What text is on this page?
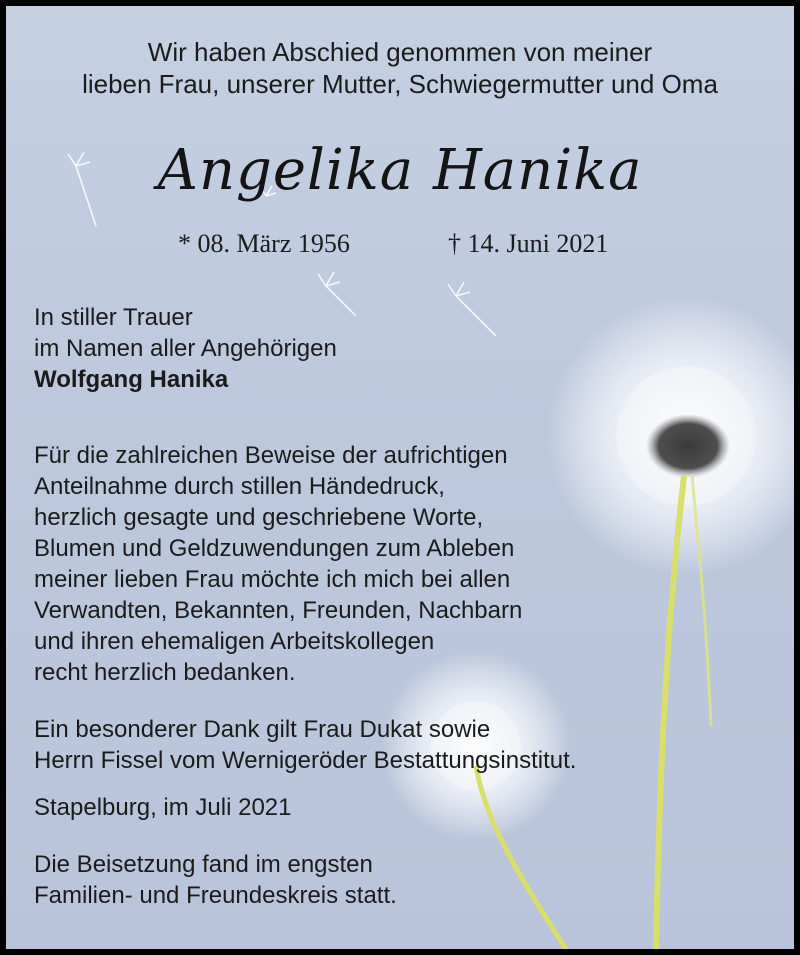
Wir haben Abschied genommen von meiner
lieben Frau, unserer Mutter, Schwiegermutter und Oma
Angelika Hanika
* 08. März 1956	† 14. Juni 2021
In stiller Trauer
im Namen aller Angehörigen
Wolfgang Hanika
Für die zahlreichen Beweise der aufrichtigen
Anteilnahme durch stillen Händedruck,
herzlich gesagte und geschriebene Worte,
Blumen und Geldzuwendungen zum Ableben
meiner lieben Frau möchte ich mich bei allen
Verwandten, Bekannten, Freunden, Nachbarn
und ihren ehemaligen Arbeitskollegen
recht herzlich bedanken.
Ein besonderer Dank gilt Frau Dukat sowie
Herrn Fissel vom Wernigeröder Bestattungsinstitut.
Stapelburg, im Juli 2021
Die Beisetzung fand im engsten
Familien- und Freundeskreis statt.
